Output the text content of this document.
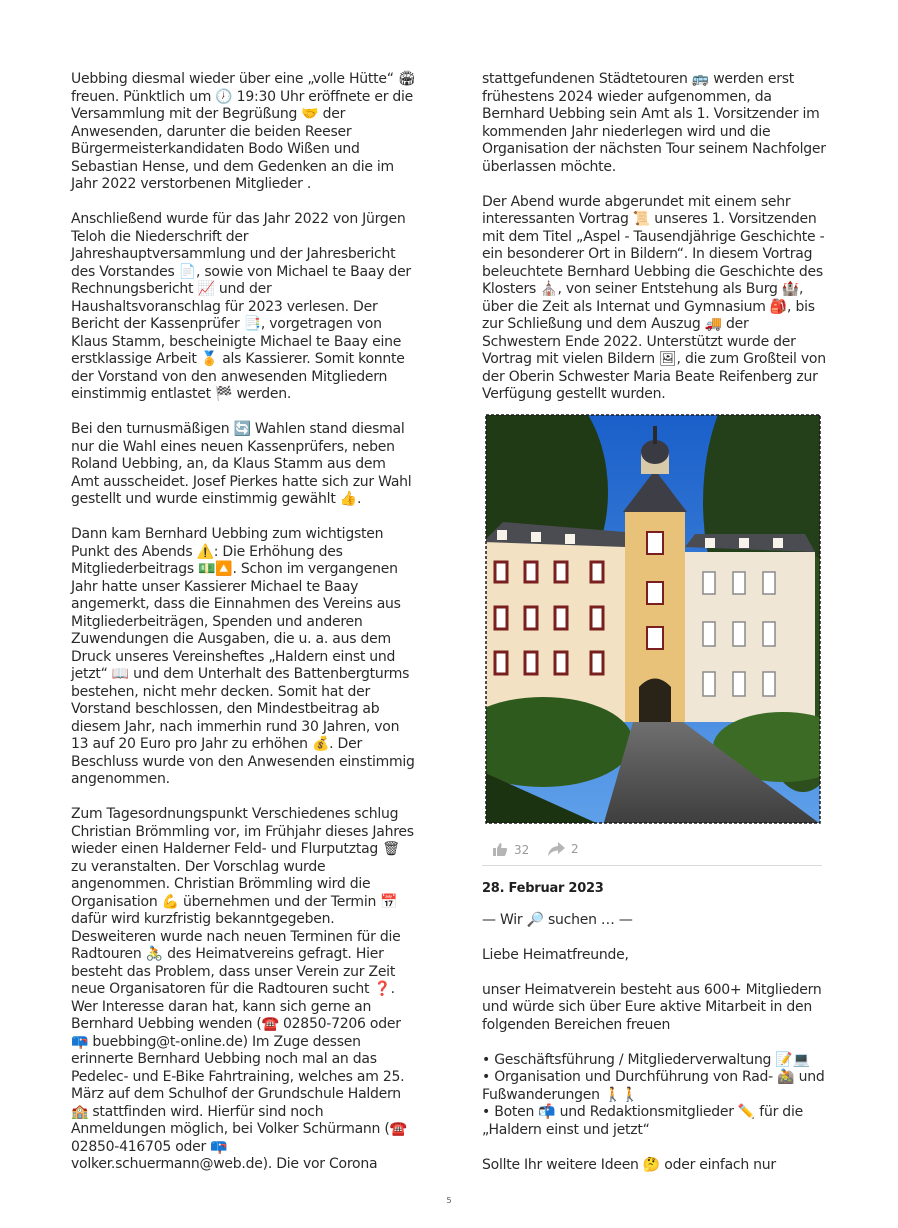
Uebbing diesmal wieder über eine „volle Hütte“ 🏟 freuen. Pünktlich um 🕖 19:30 Uhr eröffnete er die Versammlung mit der Begrüßung 🤝 der Anwesenden, darunter die beiden Reeser Bürgermeisterkandidaten Bodo Wißen und Sebastian Hense, und dem Gedenken an die im Jahr 2022 verstorbenen Mitglieder .

Anschließend wurde für das Jahr 2022 von Jürgen Teloh die Niederschrift der Jahreshauptversammlung und der Jahresbericht des Vorstandes 📄, sowie von Michael te Baay der Rechnungsbericht 📈 und der Haushaltsvoranschlag für 2023 verlesen. Der Bericht der Kassenprüfer 📑, vorgetragen von Klaus Stamm, bescheinigte Michael te Baay eine erstklassige Arbeit 🏅 als Kassierer. Somit konnte der Vorstand von den anwesenden Mitgliedern einstimmig entlastet 🏁 werden.

Bei den turnusmäßigen 🔄 Wahlen stand diesmal nur die Wahl eines neuen Kassenprüfers, neben Roland Uebbing, an, da Klaus Stamm aus dem Amt ausscheidet. Josef Pierkes hatte sich zur Wahl gestellt und wurde einstimmig gewählt 👍.

Dann kam Bernhard Uebbing zum wichtigsten Punkt des Abends ⚠️: Die Erhöhung des Mitgliederbeitrags 💵🔼. Schon im vergangenen Jahr hatte unser Kassierer Michael te Baay angemerkt, dass die Einnahmen des Vereins aus Mitgliederbeiträgen, Spenden und anderen Zuwendungen die Ausgaben, die u. a. aus dem Druck unseres Vereinsheftes „Haldern einst und jetzt“ 📖 und dem Unterhalt des Battenbergturms bestehen, nicht mehr decken. Somit hat der Vorstand beschlossen, den Mindestbeitrag ab diesem Jahr, nach immerhin rund 30 Jahren, von 13 auf 20 Euro pro Jahr zu erhöhen 💰. Der Beschluss wurde von den Anwesenden einstimmig angenommen.

Zum Tagesordnungspunkt Verschiedenes schlug Christian Brömmling vor, im Frühjahr dieses Jahres wieder einen Halderner Feld- und Flurputztag 🗑 zu veranstalten. Der Vorschlag wurde angenommen. Christian Brömmling wird die Organisation 💪 übernehmen und der Termin 📅 dafür wird kurzfristig bekanntgegeben. Desweiteren wurde nach neuen Terminen für die Radtouren 🚴 des Heimatvereins gefragt. Hier besteht das Problem, dass unser Verein zur Zeit neue Organisatoren für die Radtouren sucht ❓. Wer Interesse daran hat, kann sich gerne an Bernhard Uebbing wenden (☎️ 02850-7206 oder 📪 buebbing@t-online.de) Im Zuge dessen erinnerte Bernhard Uebbing noch mal an das Pedelec- und E-Bike Fahrtraining, welches am 25. März auf dem Schulhof der Grundschule Haldern 🏫 stattfinden wird. Hierfür sind noch Anmeldungen möglich, bei Volker Schürmann (☎️ 02850-416705 oder 📪 volker.schuermann@web.de). Die vor Corona

stattgefundenen Städtetouren 🚌 werden erst frühestens 2024 wieder aufgenommen, da Bernhard Uebbing sein Amt als 1. Vorsitzender im kommenden Jahr niederlegen wird und die Organisation der nächsten Tour seinem Nachfolger überlassen möchte.

Der Abend wurde abgerundet mit einem sehr interessanten Vortrag 📜 unseres 1. Vorsitzenden mit dem Titel „Aspel - Tausendjährige Geschichte - ein besonderer Ort in Bildern“. In diesem Vortrag beleuchtete Bernhard Uebbing die Geschichte des Klosters ⛪, von seiner Entstehung als Burg 🏰, über die Zeit als Internat und Gymnasium 🎒, bis zur Schließung und dem Auszug 🚚 der Schwestern Ende 2022. Unterstützt wurde der Vortrag mit vielen Bildern 🖼, die zum Großteil von der Oberin Schwester Maria Beate Reifenberg zur Verfügung gestellt wurden.

32	2
28. Februar 2023

— Wir 🔎 suchen … —

Liebe Heimatfreunde,

unser Heimatverein besteht aus 600+ Mitgliedern und würde sich über Eure aktive Mitarbeit in den folgenden Bereichen freuen

• Geschäftsführung / Mitgliederverwaltung 📝💻
• Organisation und Durchführung von Rad- 🚵 und Fußwanderungen 🚶🚶
• Boten 📬 und Redaktionsmitglieder ✏️ für die „Haldern einst und jetzt“

Sollte Ihr weitere Ideen 🤔 oder einfach nur

5
